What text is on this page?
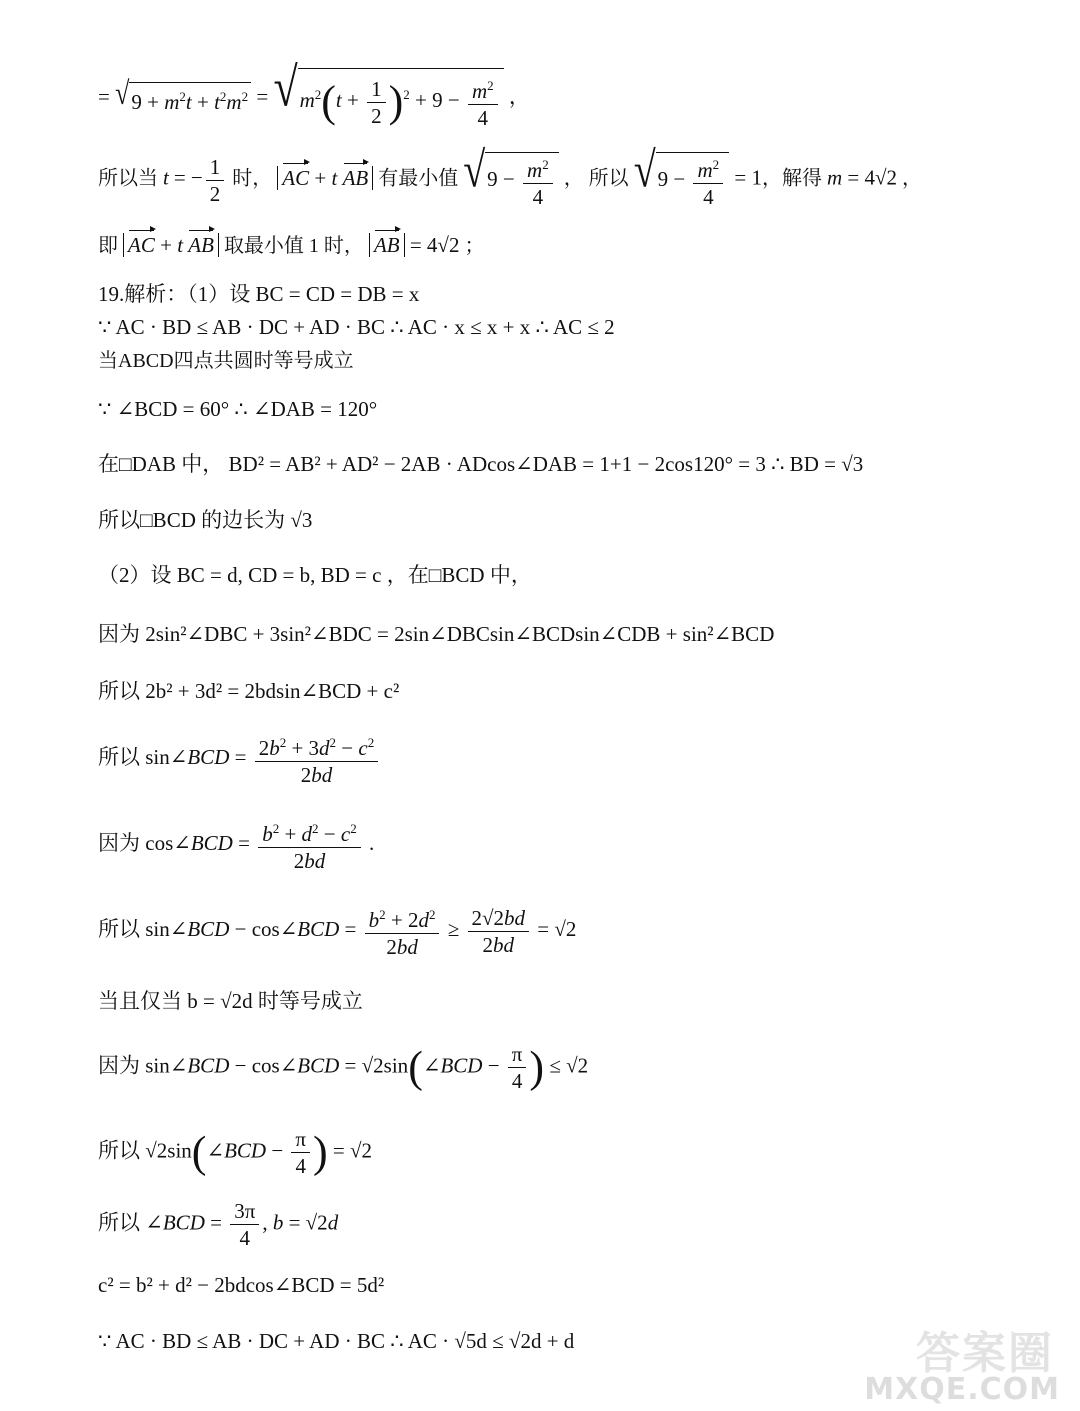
= √ $9 + m^2t + t^2m^2$ = √ $m^2(t + \frac{1}{2} )^2 + 9 - \frac{m^2}{4}$ ，
所以当 t = − $\frac{1}{2}$ 时， AC + t AB 有最小值 √ $9 - \frac{m^2}{4}$ ， 所以 √ $9 - \frac{m^2}{4} = 1$，解得 m = 4√2 ，
即 AC + t AB 取最小值 1 时， AB = 4√2 ；
19.解析：（1）设 BC = CD = DB = x
∵ AC · BD ≤ AB · DC + AD · BC ∴ AC · x ≤ x + x ∴ AC ≤ 2
当ABCD四点共圆时等号成立
∵ ∠BCD = 60° ∴ ∠DAB = 120°
在□DAB 中， BD² = AB² + AD² − 2AB · ADcos∠DAB = 1+1 − 2cos120° = 3 ∴ BD = √3
所以□BCD 的边长为 √3
（2）设 BC = d, CD = b, BD = c ，在□BCD 中，
因为 2sin²∠DBC + 3sin²∠BDC = 2sin∠DBCsin∠BCDsin∠CDB + sin²∠BCD
所以 2b² + 3d² = 2bdsin∠BCD + c²
所以 sin∠BCD = $\frac{2b^2 + 3d^2 - c^2}{2bd}$
因为 cos∠BCD = $\frac{b^2 + d^2 - c^2}{2bd}$ .
所以 sin∠BCD − cos∠BCD = $\frac{b^2 + 2d^2}{2bd} \ge \frac{2√2bd}{2bd} = √2$
当且仅当 b = √2d 时等号成立
因为 sin∠BCD − cos∠BCD = √2sin(∠BCD − $\frac{\pi}{4}$ ) ≤ √2
所以 √2sin(∠BCD − $\frac{\pi}{4}$ ) = √2
所以 ∠BCD = $\frac{3\pi}{4}$ , b = √2d
c² = b² + d² − 2bdcos∠BCD = 5d²
∵ AC · BD ≤ AB · DC + AD · BC ∴ AC · √5d ≤ √2d + d	答案圈
MXQE.COM
